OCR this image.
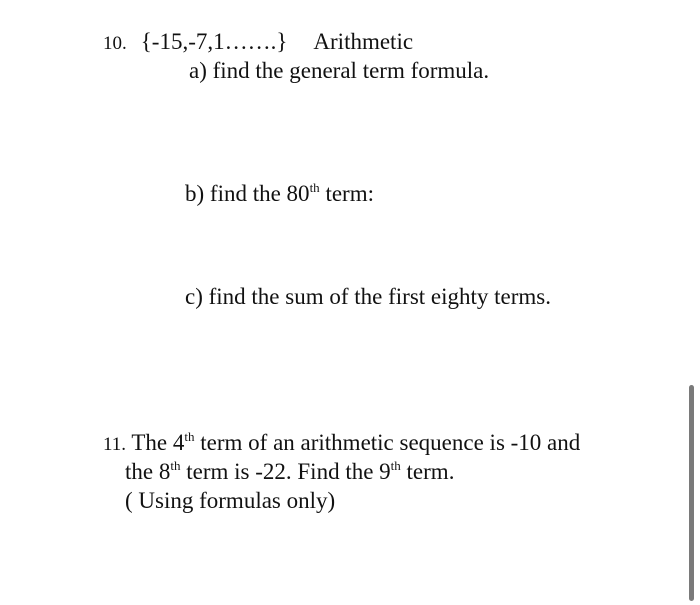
10. {-15,-7,1…….} Arithmetic
a) find the general term formula.
b) find the 80th term:
c) find the sum of the first eighty terms.
11. The 4th term of an arithmetic sequence is -10 and
the 8th term is -22. Find the 9th term.
( Using formulas only)
